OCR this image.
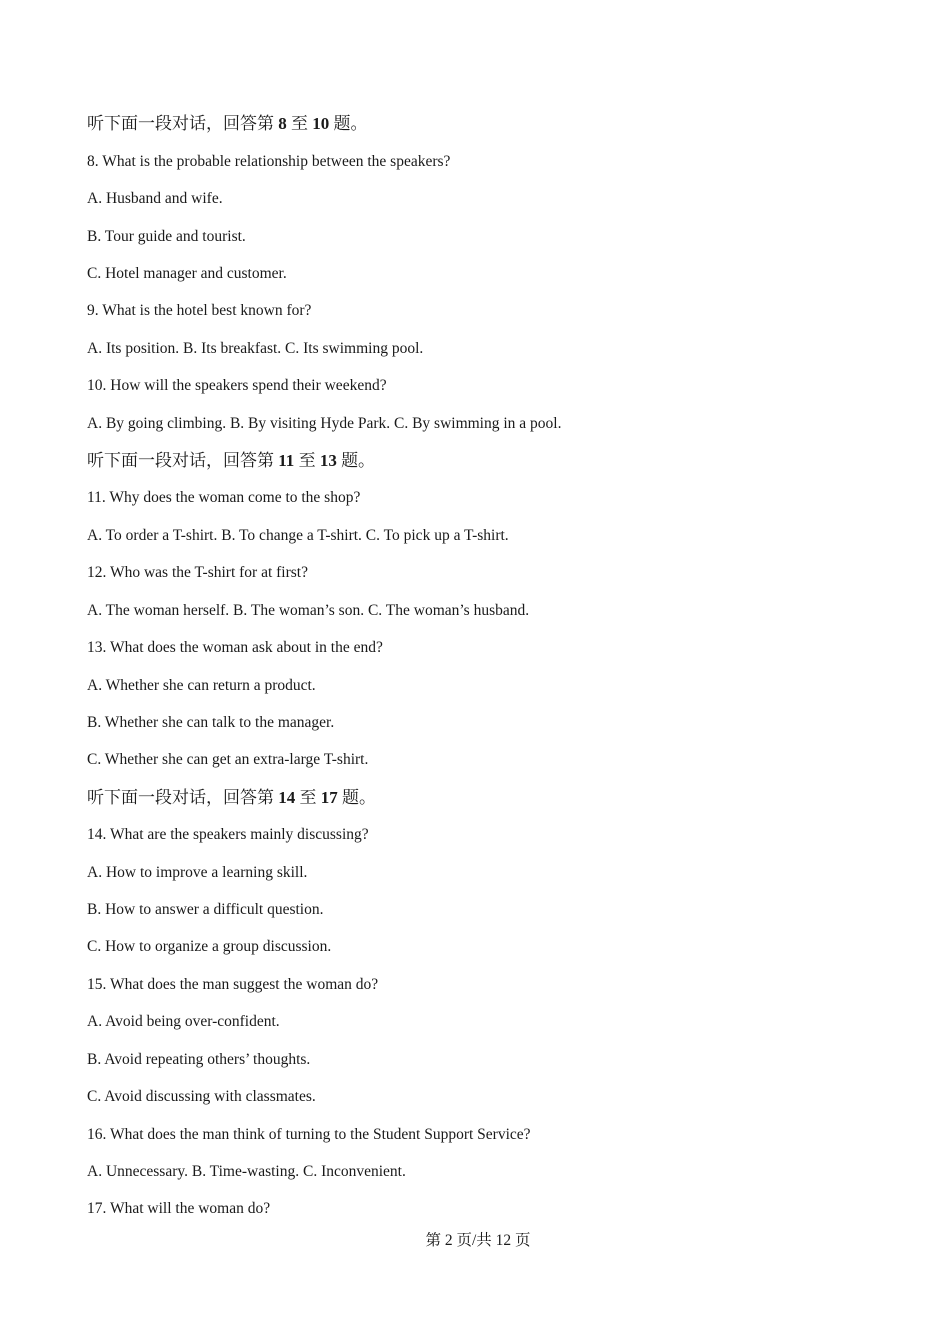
听下面一段对话，回答第 8 至 10 题。
8. What is the probable relationship between the speakers?
A. Husband and wife.
B. Tour guide and tourist.
C. Hotel manager and customer.
9. What is the hotel best known for?
A. Its position. B. Its breakfast. C. Its swimming pool.
10. How will the speakers spend their weekend?
A. By going climbing. B. By visiting Hyde Park. C. By swimming in a pool.
听下面一段对话，回答第 11 至 13 题。
11. Why does the woman come to the shop?
A. To order a T-shirt. B. To change a T-shirt. C. To pick up a T-shirt.
12. Who was the T-shirt for at first?
A. The woman herself. B. The woman’s son. C. The woman’s husband.
13. What does the woman ask about in the end?
A. Whether she can return a product.
B. Whether she can talk to the manager.
C. Whether she can get an extra-large T-shirt.
听下面一段对话，回答第 14 至 17 题。
14. What are the speakers mainly discussing?
A. How to improve a learning skill.
B. How to answer a difficult question.
C. How to organize a group discussion.
15. What does the man suggest the woman do?
A. Avoid being over-confident.
B. Avoid repeating others’ thoughts.
C. Avoid discussing with classmates.
16. What does the man think of turning to the Student Support Service?
A. Unnecessary. B. Time-wasting. C. Inconvenient.
17. What will the woman do?
第 2 页/共 12 页
